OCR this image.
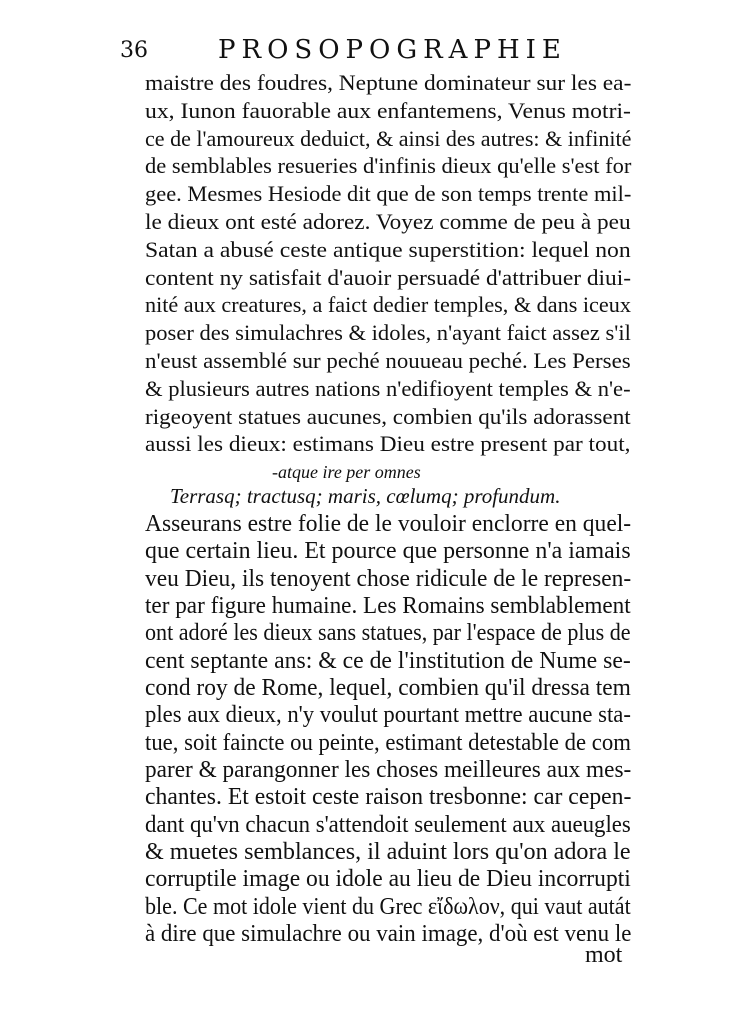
36	PROSOPOGRAPHIE
maistre des foudres, Neptune dominateur sur les ea-
ux, Iunon fauorable aux enfantemens, Venus motri-
ce de l'amoureux deduict, & ainsi des autres: & infinité
de semblables resueries d'infinis dieux qu'elle s'est for
gee. Mesmes Hesiode dit que de son temps trente mil-
le dieux ont esté adorez. Voyez comme de peu à peu
Satan a abusé ceste antique superstition: lequel non
content ny satisfait d'auoir persuadé d'attribuer diui-
nité aux creatures, a faict dedier temples, & dans iceux
poser des simulachres & idoles, n'ayant faict assez s'il
n'eust assemblé sur peché nouueau peché. Les Perses
& plusieurs autres nations n'edifioyent temples & n'e-
rigeoyent statues aucunes, combien qu'ils adorassent
aussi les dieux: estimans Dieu estre present par tout,
-atque ire per omnes
Terrasq; tractusq; maris, cœlumq; profundum.
Asseurans estre folie de le vouloir enclorre en quel-
que certain lieu. Et pource que personne n'a iamais
veu Dieu, ils tenoyent chose ridicule de le represen-
ter par figure humaine. Les Romains semblablement
ont adoré les dieux sans statues, par l'espace de plus de
cent septante ans: & ce de l'institution de Nume se-
cond roy de Rome, lequel, combien qu'il dressa tem
ples aux dieux, n'y voulut pourtant mettre aucune sta-
tue, soit faincte ou peinte, estimant detestable de com
parer & parangonner les choses meilleures aux mes-
chantes. Et estoit ceste raison tresbonne: car cepen-
dant qu'vn chacun s'attendoit seulement aux aueugles
& muetes semblances, il aduint lors qu'on adora le
corruptile image ou idole au lieu de Dieu incorrupti
ble. Ce mot idole vient du Grec εἴδωλον, qui vaut autát
à dire que simulachre ou vain image, d'où est venu le
mot
